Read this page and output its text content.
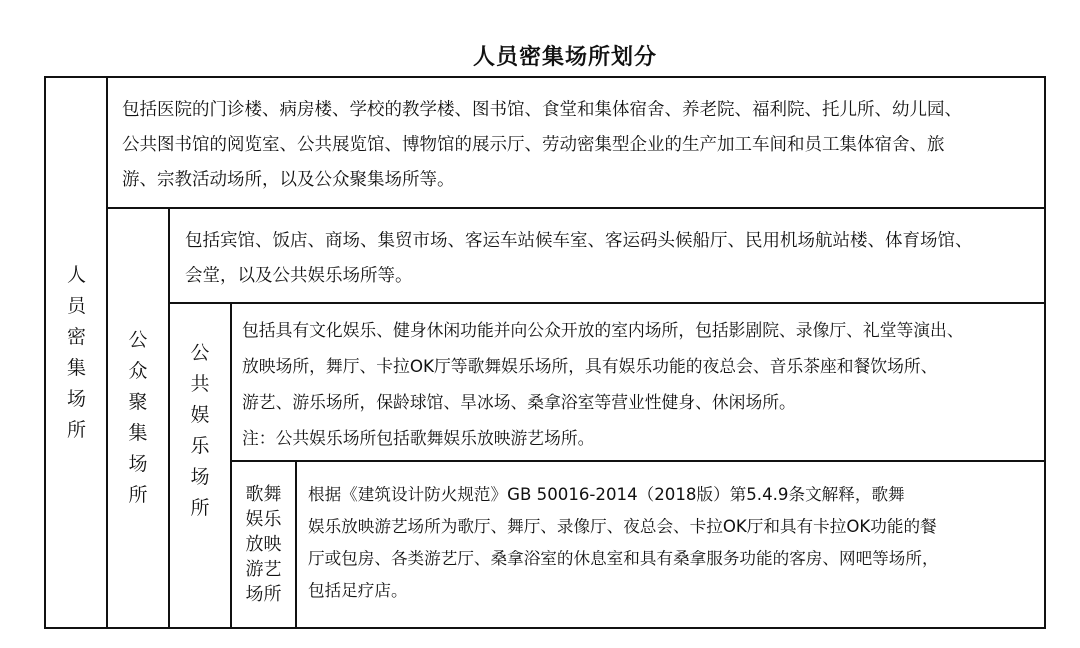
人员密集场所划分
人
员
密
集
场
所
公
众
聚
集
场
所
公
共
娱
乐
场
所
歌舞
娱乐
放映
游艺
场所
包括医院的门诊楼、病房楼、学校的教学楼、图书馆、食堂和集体宿舍、养老院、福利院、托儿所、幼儿园、
公共图书馆的阅览室、公共展览馆、博物馆的展示厅、劳动密集型企业的生产加工车间和员工集体宿舍、旅
游、宗教活动场所，以及公众聚集场所等。
包括宾馆、饭店、商场、集贸市场、客运车站候车室、客运码头候船厅、民用机场航站楼、体育场馆、
会堂，以及公共娱乐场所等。
包括具有文化娱乐、健身休闲功能并向公众开放的室内场所，包括影剧院、录像厅、礼堂等演出、
放映场所，舞厅、卡拉OK厅等歌舞娱乐场所，具有娱乐功能的夜总会、音乐茶座和餐饮场所、
游艺、游乐场所，保龄球馆、旱冰场、桑拿浴室等营业性健身、休闲场所。
注：公共娱乐场所包括歌舞娱乐放映游艺场所。
根据《建筑设计防火规范》GB 50016-2014（2018版）第5.4.9条文解释，歌舞
娱乐放映游艺场所为歌厅、舞厅、录像厅、夜总会、卡拉OK厅和具有卡拉OK功能的餐
厅或包房、各类游艺厅、桑拿浴室的休息室和具有桑拿服务功能的客房、网吧等场所，
包括足疗店。
